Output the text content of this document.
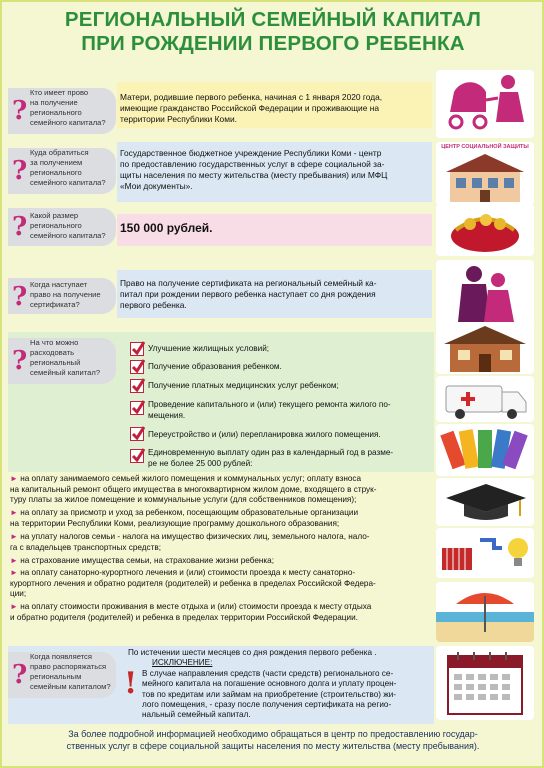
РЕГИОНАЛЬНЫЙ СЕМЕЙНЫЙ КАПИТАЛ
ПРИ РОЖДЕНИИ ПЕРВОГО РЕБЕНКА
?
Кто имеет прово
на получение
регионального
семейного капитала?
Матери, родившие первого ребенка, начиная с 1 января 2020 года,
имеющие гражданство Российской Федерации и проживающие на
территории Республики Коми.
?
Куда обратиться
за получением
регионального
семейного капитала?
Государственное бюджетное учреждение Республики Коми - центр
по предоставлению государственных услуг в сфере социальной за-
щиты населения по месту жительства (месту пребывания) или МФЦ
«Мои документы».
ЦЕНТР СОЦИАЛЬНОЙ ЗАЩИТЫ
? Какой размер
регионального
семейного капитала?
150 000 рублей.
? Когда наступает
право на получение
сертификата?
Право на получение сертификата на региональный семейный ка-
питал при рождении первого ребенка наступает со дня рождения
первого ребенка.
?
На что можно
расходовать
региональный
семейный капитал?
Улучшение жилищных условий;
Получение образования ребенком.
Получение платных медицинских услуг ребенком;
Проведение капитального и (или) текущего ремонта жилого по-
мещения.
Переустройство и (или) перепланировка жилого помещения.
Единовременную выплату один раз в календарный год в разме-
ре не более 25 000 рублей:
► на оплату занимаемого семьей жилого помещения и коммунальных услуг; оплату взноса
на капитальный ремонт общего имущества в многоквартирном жилом доме, входящего в струк-
туру платы за жилое помещение и коммунальные услуги (для собственников помещения);
► на оплату за присмотр и уход за ребенком, посещающим образовательные организации
на территории Республики Коми, реализующие программу дошкольного образования;
► на уплату налогов семьи - налога на имущество физических лиц, земельного налога, нало-
га с владельцев транспортных средств;
► на страхование имущества семьи, на страхование жизни ребенка;
► на оплату санаторно-курортного лечения и (или) стоимости проезда к месту санаторно-
курортного лечения и обратно родителя (родителей) и ребенка в пределах Российской Федера-
ции;
► на оплату стоимости проживания в месте отдыха и (или) стоимости проезда к месту отдыха
и обратно родителя (родителей) и ребенка в пределах территории Российской Федерации.
?
Когда появляется
право распоряжаться
региональным
семейным капиталом? !
По истечении шести месяцев со дня рождения первого ребенка .
ИСКЛЮЧЕНИЕ:
В случае направления средств (части средств) регионального се-
мейного капитала на погашение основного долга и уплату процен-
тов по кредитам или займам на приобретение (строительство) жи-
лого помещения, - сразу после получения сертификата на регио-
нальный семейный капитал.
За более подробной информацией необходимо обращаться в центр по предоставлению государ-
ственных услуг в сфере социальной защиты населения по месту жительства (месту пребывания).
